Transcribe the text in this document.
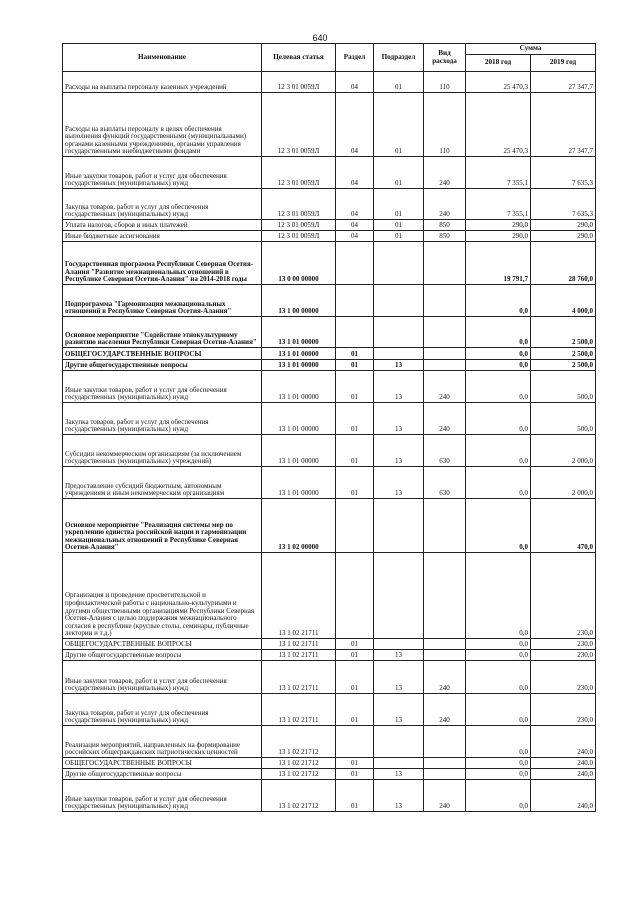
640
Наименование	Целевая статья	Раздел	Подраздел	Вид расхода	Сумма	
					2018 год	2019 год
Расходы на выплаты персоналу казенных учреждений	12 3 01 0059Л	04	01	110	25 470,3	27 347,7
Расходы на выплаты персоналу в целях обеспечения выполнения функций государственными (муниципальными) органами казенными учреждениями, органами управления государственными внебюджетными фондами	12 3 01 0059Л	04	01	110	25 470,3	27 347,7
Иные закупки товаров, работ и услуг для обеспечения государственных (муниципальных) нужд	12 3 01 0059Л	04	01	240	7 355,1	7 635,3
Закупка товаров, работ и услуг для обеспечения государственных (муниципальных) нужд	12 3 01 0059Л	04	01	240	7 355,1	7 635,3
Уплата налогов, сборов и иных платежей	12 3 01 0059Л	04	01	850	290,0	290,0
Иные бюджетные ассигнования	12 3 01 0059Л	04	01	850	290,0	290,0
Государственная программа Республики Северная Осетия-Алания "Развитие межнациональных отношений в Республике Северная Осетия-Алания" на 2014-2018 годы	13 0 00 00000				19 791,7	28 760,0
Подпрограмма "Гармонизация межнациональных отношений в Республике Северная Осетия-Алания"	13 1 00 00000				0,0	4 000,0
Основное мероприятие "Содействие этнокультурному развитию населения Республики Северная Осетия-Алания"	13 1 01 00000				0,0	2 500,0
ОБЩЕГОСУДАРСТВЕННЫЕ ВОПРОСЫ	13 1 01 00000	01			0,0	2 500,0
Другие общегосударственные вопросы	13 1 01 00000	01	13		0,0	2 500,0
Иные закупки товаров, работ и услуг для обеспечения государственных (муниципальных) нужд	13 1 01 00000	01	13	240	0,0	500,0
Закупка товаров, работ и услуг для обеспечения государственных (муниципальных) нужд	13 1 01 00000	01	13	240	0,0	500,0
Субсидии некоммерческим организациям (за исключением государственных (муниципальных) учреждений)	13 1 01 00000	01	13	630	0,0	2 000,0
Предоставление субсидий бюджетным, автономным учреждениям и иным некоммерческим организациям	13 1 01 00000	01	13	630	0,0	2 000,0
Основное мероприятие "Реализация системы мер по укреплению единства российской нации и гармонизации межнациональных отношений в Республике Северная Осетия-Алания"	13 1 02 00000				0,0	470,0
Организация и проведение просветительской и профилактической работы с национально-культурными и другими общественными организациями Республики Северная Осетия-Алания с целью поддержания межнационального согласия в республике (круглые столы, семинары, публичные лектории и т.д.)	13 1 02 21711				0,0	230,0
ОБЩЕГОСУДАРСТВЕННЫЕ ВОПРОСЫ	13 1 02 21711	01			0,0	230,0
Другие общегосударственные вопросы	13 1 02 21711	01	13		0,0	230,0
Иные закупки товаров, работ и услуг для обеспечения государственных (муниципальных) нужд	13 1 02 21711	01	13	240	0,0	230,0
Закупка товаров, работ и услуг для обеспечения государственных (муниципальных) нужд	13 1 02 21711	01	13	240	0,0	230,0
Реализация мероприятий, направленных на формирование российских общегражданских патриотических ценностей	13 1 02 21712				0,0	240,0
ОБЩЕГОСУДАРСТВЕННЫЕ ВОПРОСЫ	13 1 02 21712	01			0,0	240,0
Другие общегосударственные вопросы	13 1 02 21712	01	13		0,0	240,0
Иные закупки товаров, работ и услуг для обеспечения государственных (муниципальных) нужд	13 1 02 21712	01	13	240	0,0	240,0
